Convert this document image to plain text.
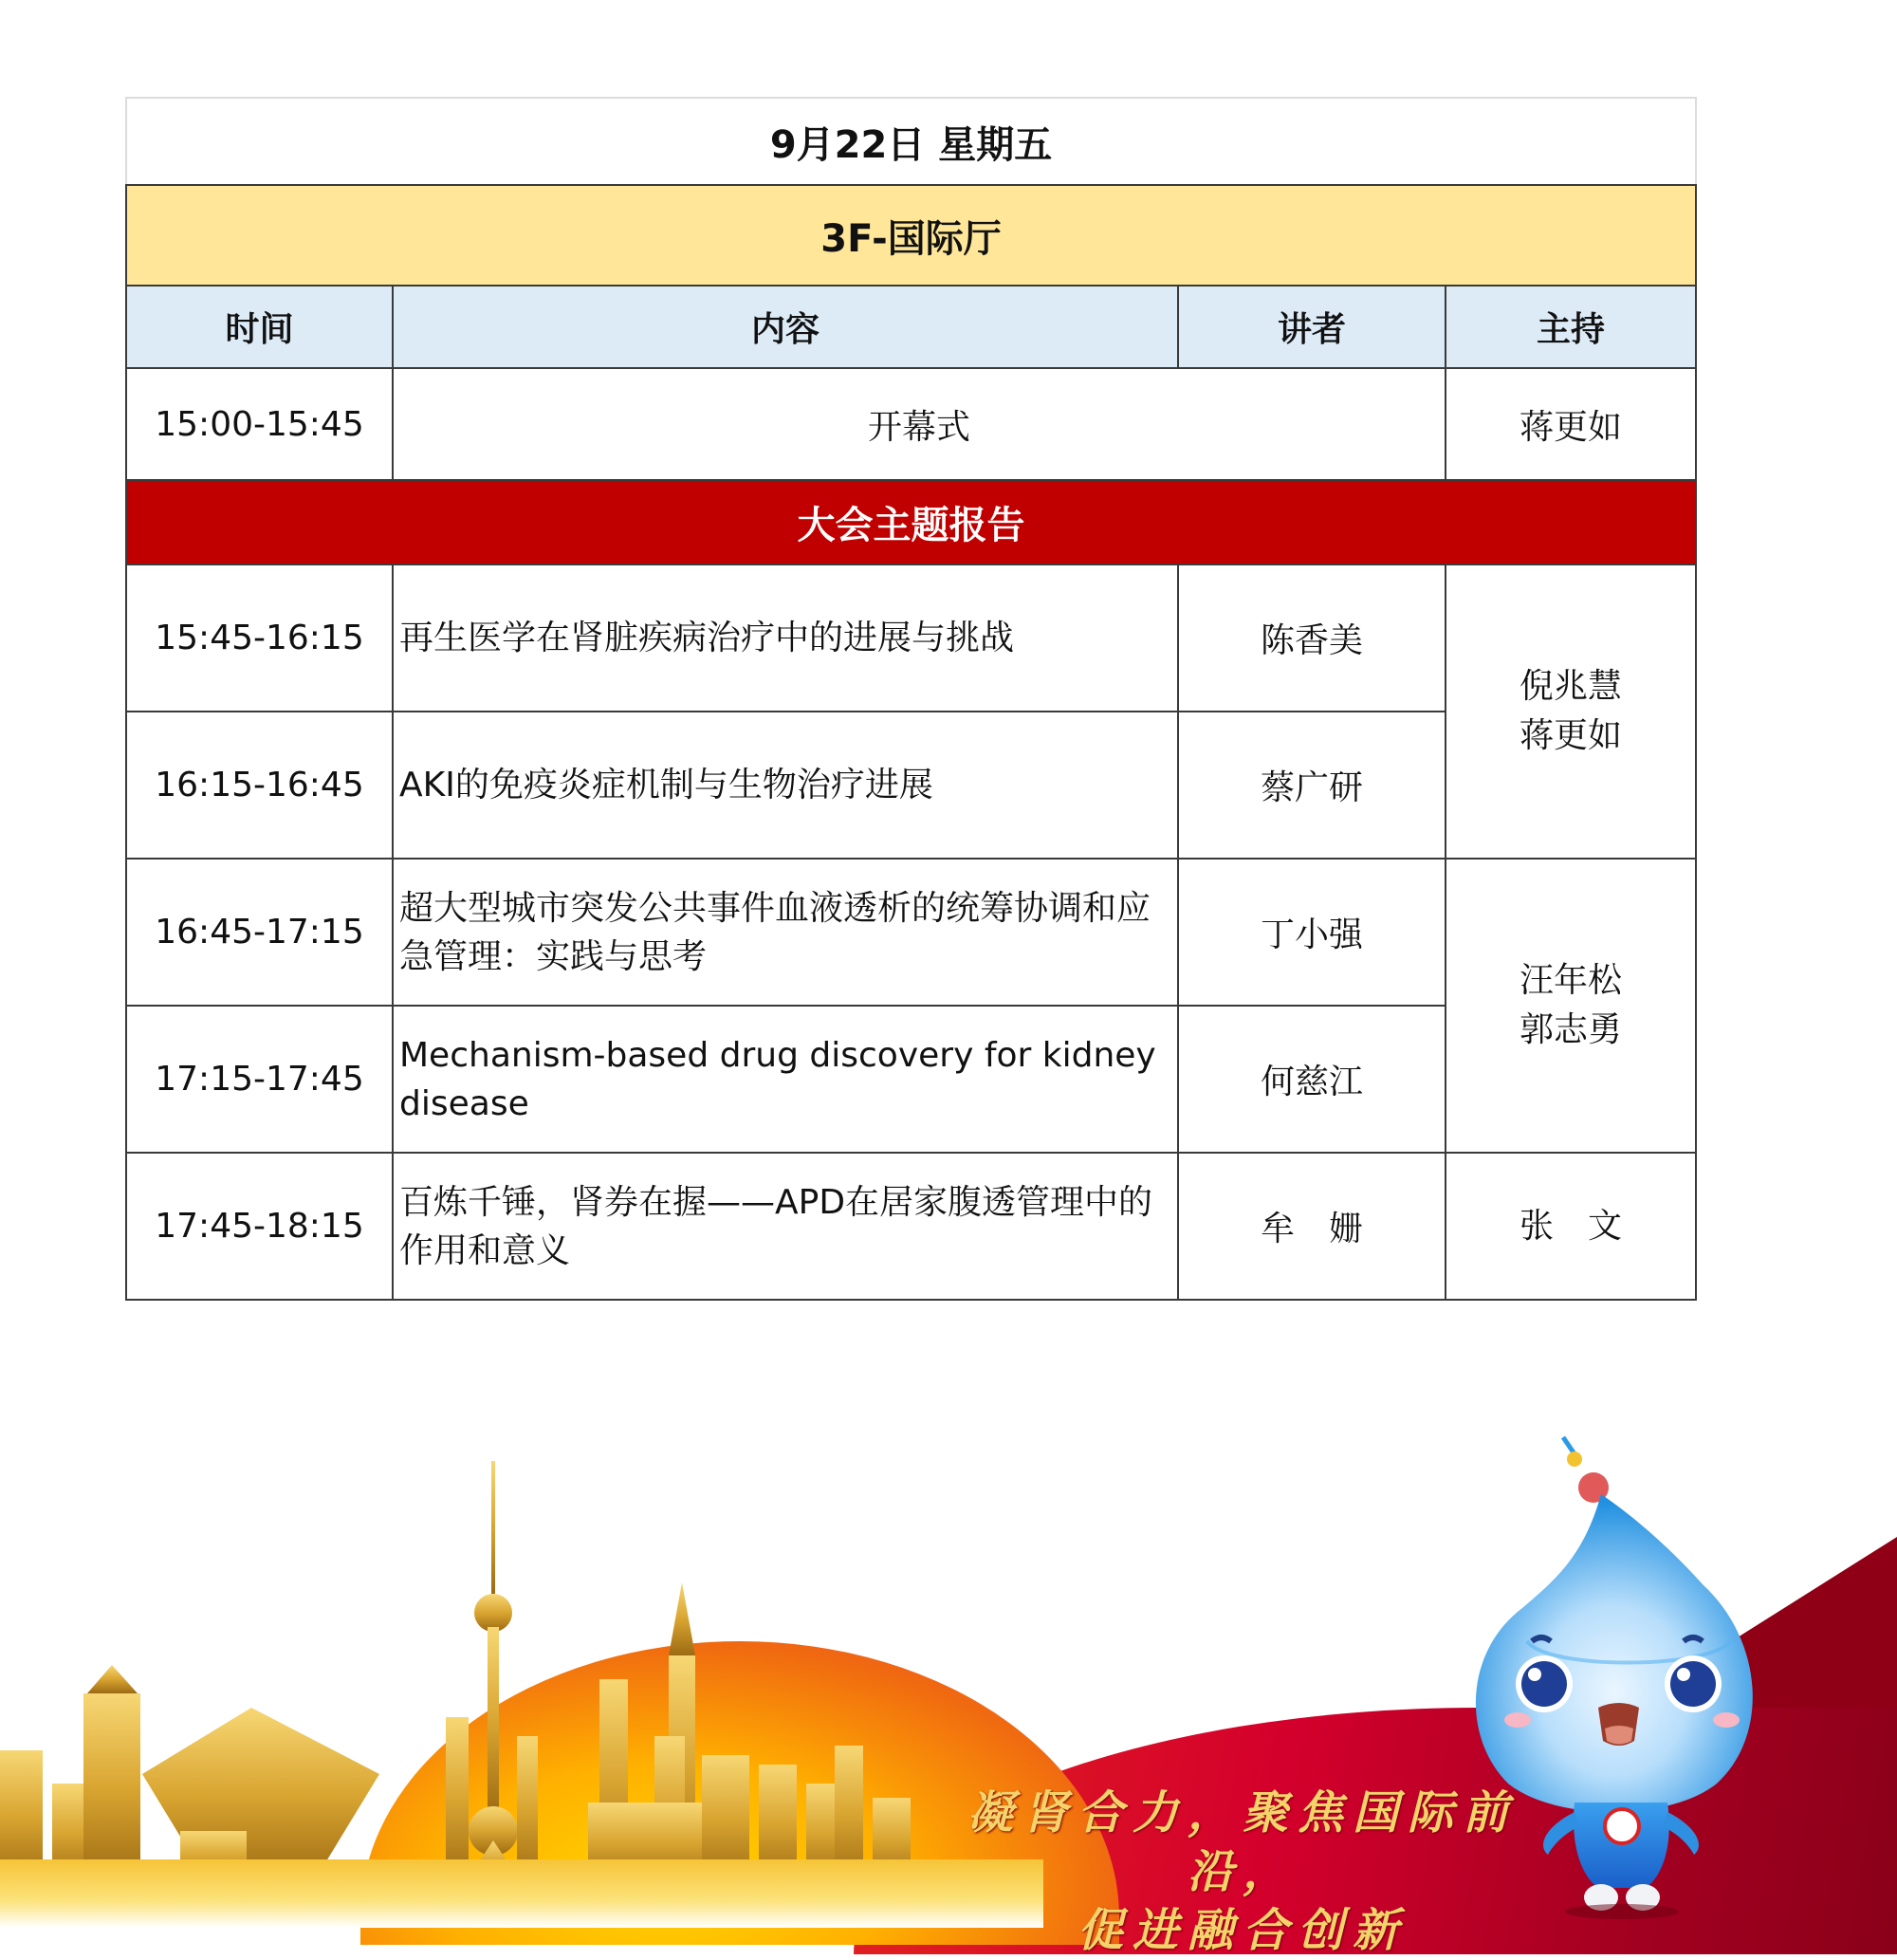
9月22日 星期五			
3F-国际厅			
时间	内容	讲者	主持
15:00-15:45	开幕式		蒋更如
大会主题报告			
15:45-16:15	再生医学在肾脏疾病治疗中的进展与挑战	陈香美	倪兆慧
蒋更如

16:15-16:45	AKI的免疫炎症机制与生物治疗进展	蔡广研	
16:45-17:15	超大型城市突发公共事件血液透析的统筹协调和应急管理：实践与思考	丁小强	汪年松
郭志勇

17:15-17:45	Mechanism-based drug discovery for kidney disease	何慈江	
17:45-18:15	百炼千锤，肾券在握——APD在居家腹透管理中的作用和意义	牟　姗	张　文
凝肾合力，聚焦国际前沿，
促进融合创新
